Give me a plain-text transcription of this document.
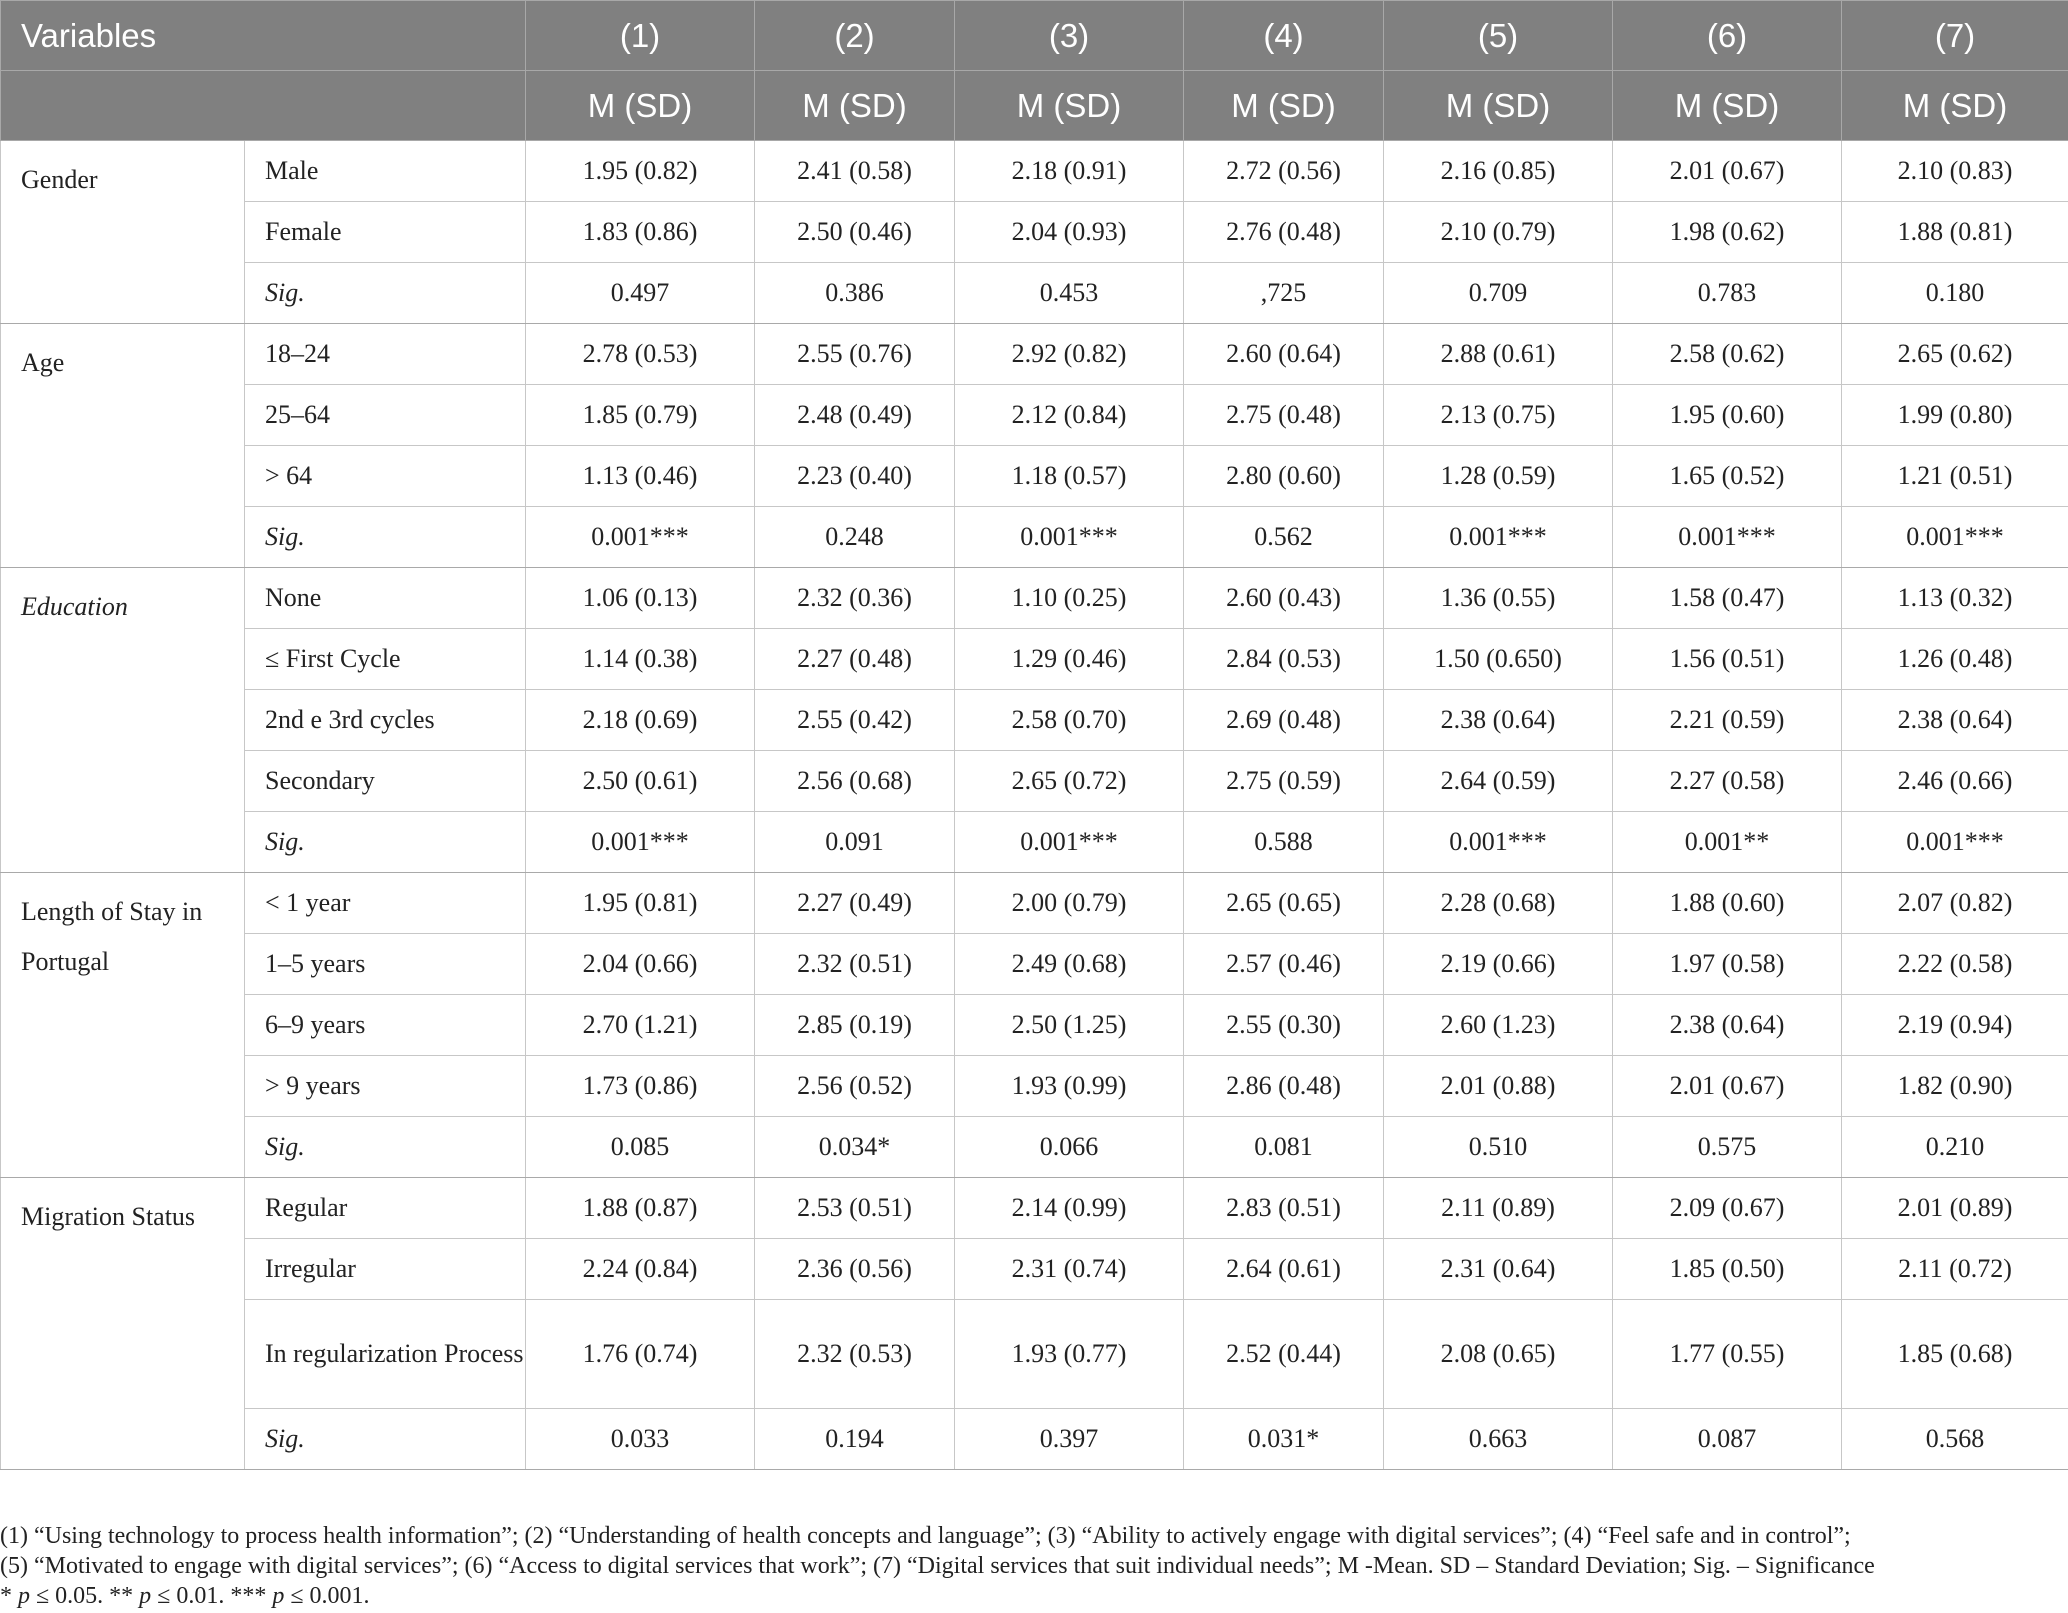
Variables		(1)	(2)	(3)	(4)	(5)	(6)	(7)
		M (SD)	M (SD)	M (SD)	M (SD)	M (SD)	M (SD)	M (SD)
Gender	Male	1.95 (0.82)	2.41 (0.58)	2.18 (0.91)	2.72 (0.56)	2.16 (0.85)	2.01 (0.67)	2.10 (0.83)
	Female	1.83 (0.86)	2.50 (0.46)	2.04 (0.93)	2.76 (0.48)	2.10 (0.79)	1.98 (0.62)	1.88 (0.81)
	Sig.	0.497	0.386	0.453	,725	0.709	0.783	0.180
Age	18–24	2.78 (0.53)	2.55 (0.76)	2.92 (0.82)	2.60 (0.64)	2.88 (0.61)	2.58 (0.62)	2.65 (0.62)
	25–64	1.85 (0.79)	2.48 (0.49)	2.12 (0.84)	2.75 (0.48)	2.13 (0.75)	1.95 (0.60)	1.99 (0.80)
	> 64	1.13 (0.46)	2.23 (0.40)	1.18 (0.57)	2.80 (0.60)	1.28 (0.59)	1.65 (0.52)	1.21 (0.51)
	Sig.	0.001***	0.248	0.001***	0.562	0.001***	0.001***	0.001***
Education	None	1.06 (0.13)	2.32 (0.36)	1.10 (0.25)	2.60 (0.43)	1.36 (0.55)	1.58 (0.47)	1.13 (0.32)
	≤ First Cycle	1.14 (0.38)	2.27 (0.48)	1.29 (0.46)	2.84 (0.53)	1.50 (0.650)	1.56 (0.51)	1.26 (0.48)
	2nd e 3rd cycles	2.18 (0.69)	2.55 (0.42)	2.58 (0.70)	2.69 (0.48)	2.38 (0.64)	2.21 (0.59)	2.38 (0.64)
	Secondary	2.50 (0.61)	2.56 (0.68)	2.65 (0.72)	2.75 (0.59)	2.64 (0.59)	2.27 (0.58)	2.46 (0.66)
	Sig.	0.001***	0.091	0.001***	0.588	0.001***	0.001**	0.001***
Length of Stay in Portugal	< 1 year	1.95 (0.81)	2.27 (0.49)	2.00 (0.79)	2.65 (0.65)	2.28 (0.68)	1.88 (0.60)	2.07 (0.82)
	1–5 years	2.04 (0.66)	2.32 (0.51)	2.49 (0.68)	2.57 (0.46)	2.19 (0.66)	1.97 (0.58)	2.22 (0.58)
	6–9 years	2.70 (1.21)	2.85 (0.19)	2.50 (1.25)	2.55 (0.30)	2.60 (1.23)	2.38 (0.64)	2.19 (0.94)
	> 9 years	1.73 (0.86)	2.56 (0.52)	1.93 (0.99)	2.86 (0.48)	2.01 (0.88)	2.01 (0.67)	1.82 (0.90)
	Sig.	0.085	0.034*	0.066	0.081	0.510	0.575	0.210
Migration Status	Regular	1.88 (0.87)	2.53 (0.51)	2.14 (0.99)	2.83 (0.51)	2.11 (0.89)	2.09 (0.67)	2.01 (0.89)
	Irregular	2.24 (0.84)	2.36 (0.56)	2.31 (0.74)	2.64 (0.61)	2.31 (0.64)	1.85 (0.50)	2.11 (0.72)
	In regularization Process	1.76 (0.74)	2.32 (0.53)	1.93 (0.77)	2.52 (0.44)	2.08 (0.65)	1.77 (0.55)	1.85 (0.68)
	Sig.	0.033	0.194	0.397	0.031*	0.663	0.087	0.568

(1) “Using technology to process health information”; (2) “Understanding of health concepts and language”; (3) “Ability to actively engage with digital services”; (4) “Feel safe and in control”;

(5) “Motivated to engage with digital services”; (6) “Access to digital services that work”; (7) “Digital services that suit individual needs”; M -Mean. SD – Standard Deviation; Sig. – Significance

* p ≤ 0.05. ** p ≤ 0.01. *** p ≤ 0.001.
